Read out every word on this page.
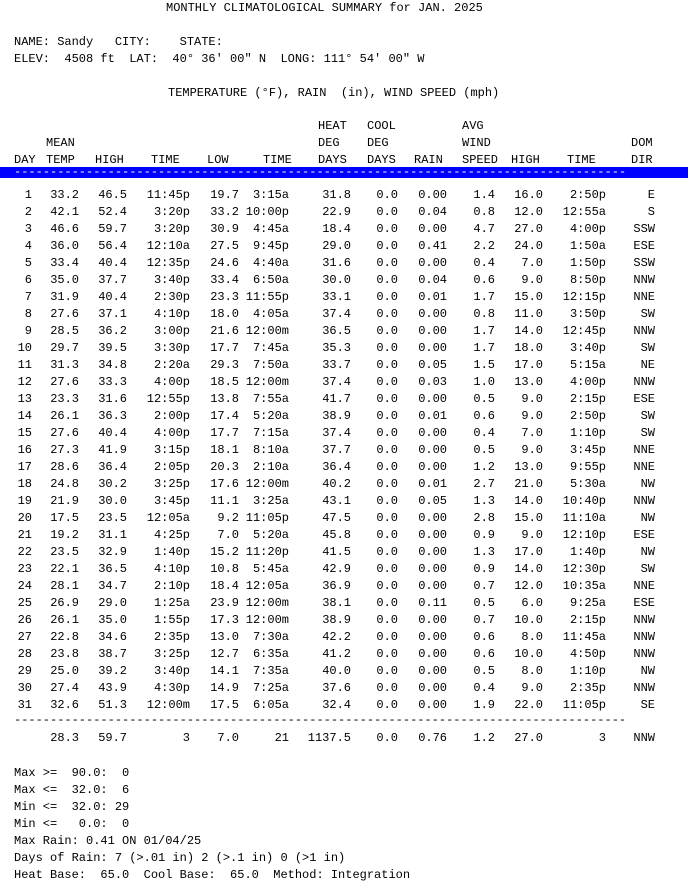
MONTHLY CLIMATOLOGICAL SUMMARY for JAN. 2025
NAME: Sandy   CITY:    STATE:
ELEV:  4508 ft  LAT:  40° 36' 00" N  LONG: 111° 54' 00" W
TEMPERATURE (°F), RAIN  (in), WIND SPEED (mph)
HEAT COOL	AVG
MEAN	DEG DEG	WIND	DOM
DAY TEMP HIGH TIME LOW	TIME DAYS DAYS RAIN SPEED HIGH TIME	DIR
-------------------------------------------------------------------------------------
1 33.2 46.5 11:45p 19.7 3:15a	31.8 0.0 0.00 1.4 16.0 2:50p	E
2 42.1 52.4 3:20p 33.2 10:00p	22.9 0.0 0.04 0.8 12.0 12:55a	S
3 46.6 59.7 3:20p 30.9 4:45a	18.4 0.0 0.00 4.7 27.0 4:00p SSW
4 36.0 56.4 12:10a 27.5 9:45p	29.0 0.0 0.41 2.2 24.0 1:50a ESE
5 33.4 40.4 12:35p 24.6 4:40a	31.6 0.0 0.00 0.4 7.0 1:50p SSW
6 35.0 37.7 3:40p 33.4 6:50a	30.0 0.0 0.04 0.6 9.0 8:50p NNW
7 31.9 40.4 2:30p 23.3 11:55p	33.1 0.0 0.01 1.7 15.0 12:15p NNE
8 27.6 37.1 4:10p 18.0 4:05a	37.4 0.0 0.00 0.8 11.0 3:50p	SW
9 28.5 36.2 3:00p 21.6 12:00m	36.5 0.0 0.00 1.7 14.0 12:45p NNW
10 29.7 39.5 3:30p 17.7 7:45a	35.3 0.0 0.00 1.7 18.0 3:40p	SW
11 31.3 34.8 2:20a 29.3 7:50a	33.7 0.0 0.05 1.5 17.0 5:15a	NE
12 27.6 33.3 4:00p 18.5 12:00m	37.4 0.0 0.03 1.0 13.0 4:00p NNW
13 23.3 31.6 12:55p 13.8 7:55a	41.7 0.0 0.00 0.5 9.0 2:15p ESE
14 26.1 36.3 2:00p 17.4 5:20a	38.9 0.0 0.01 0.6 9.0 2:50p	SW
15 27.6 40.4 4:00p 17.7 7:15a	37.4 0.0 0.00 0.4 7.0 1:10p	SW
16 27.3 41.9 3:15p 18.1 8:10a	37.7 0.0 0.00 0.5 9.0 3:45p NNE
17 28.6 36.4 2:05p 20.3 2:10a	36.4 0.0 0.00 1.2 13.0 9:55p NNE
18 24.8 30.2 3:25p 17.6 12:00m	40.2 0.0 0.01 2.7 21.0 5:30a	NW
19 21.9 30.0 3:45p 11.1 3:25a	43.1 0.0 0.05 1.3 14.0 10:40p NNW
20 17.5 23.5 12:05a 9.2 11:05p	47.5 0.0 0.00 2.8 15.0 11:10a	NW
21 19.2 31.1 4:25p 7.0 5:20a	45.8 0.0 0.00 0.9 9.0 12:10p ESE
22 23.5 32.9 1:40p 15.2 11:20p	41.5 0.0 0.00 1.3 17.0 1:40p	NW
23 22.1 36.5 4:10p 10.8 5:45a	42.9 0.0 0.00 0.9 14.0 12:30p	SW
24 28.1 34.7 2:10p 18.4 12:05a	36.9 0.0 0.00 0.7 12.0 10:35a NNE
25 26.9 29.0 1:25a 23.9 12:00m	38.1 0.0 0.11 0.5 6.0 9:25a ESE
26 26.1 35.0 1:55p 17.3 12:00m	38.9 0.0 0.00 0.7 10.0 2:15p NNW
27 22.8 34.6 2:35p 13.0 7:30a	42.2 0.0 0.00 0.6 8.0 11:45a NNW
28 23.8 38.7 3:25p 12.7 6:35a	41.2 0.0 0.00 0.6 10.0 4:50p NNW
29 25.0 39.2 3:40p 14.1 7:35a	40.0 0.0 0.00 0.5 8.0 1:10p	NW
30 27.4 43.9 4:30p 14.9 7:25a	37.6 0.0 0.00 0.4 9.0 2:35p NNW
31 32.6 51.3 12:00m 17.5 6:05a	32.4 0.0 0.00 1.9 22.0 11:05p	SE
-------------------------------------------------------------------------------------
28.3 59.7	3 7.0	21 1137.5 0.0 0.76 1.2 27.0	3 NNW
Max >=  90.0:  0
Max <=  32.0:  6
Min <=  32.0: 29
Min <=   0.0:  0
Max Rain: 0.41 ON 01/04/25
Days of Rain: 7 (>.01 in) 2 (>.1 in) 0 (>1 in)
Heat Base:  65.0  Cool Base:  65.0  Method: Integration
